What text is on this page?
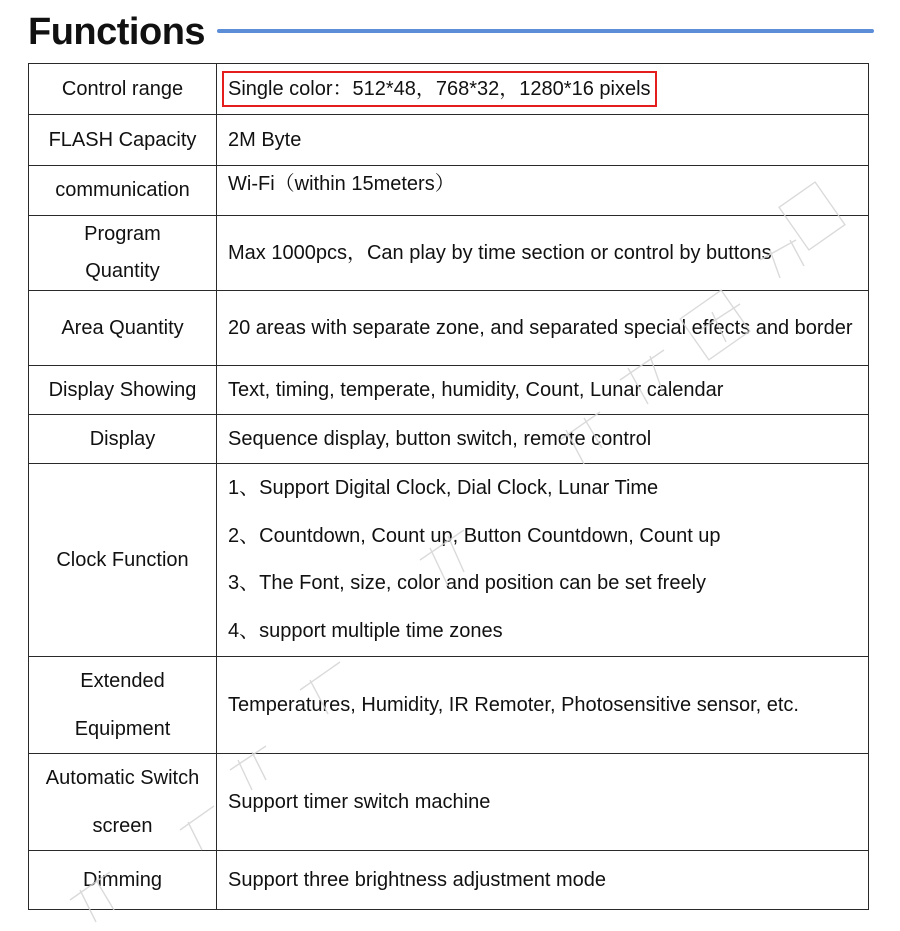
Functions
Control range	Single color：512*48，768*32，1280*16 pixels
FLASH Capacity	2M Byte
communication	Wi-Fi（within 15meters）

Program
Quantity	Max 1000pcs，Can play by time section or control by buttons
Area Quantity	20 areas with separate zone, and separated special effects and border
Display Showing	Text, timing, temperate, humidity, Count, Lunar calendar
Display	Sequence display, button switch, remote control
Clock Function	1、Support Digital Clock, Dial Clock, Lunar Time
2、Countdown, Count up, Button Countdown, Count up
3、The Font, size, color and position can be set freely
4、support multiple time zones

Extended
Equipment	Temperatures, Humidity, IR Remoter, Photosensitive sensor, etc.

Automatic Switch
screen	Support timer switch machine
Dimming	Support three brightness adjustment mode
